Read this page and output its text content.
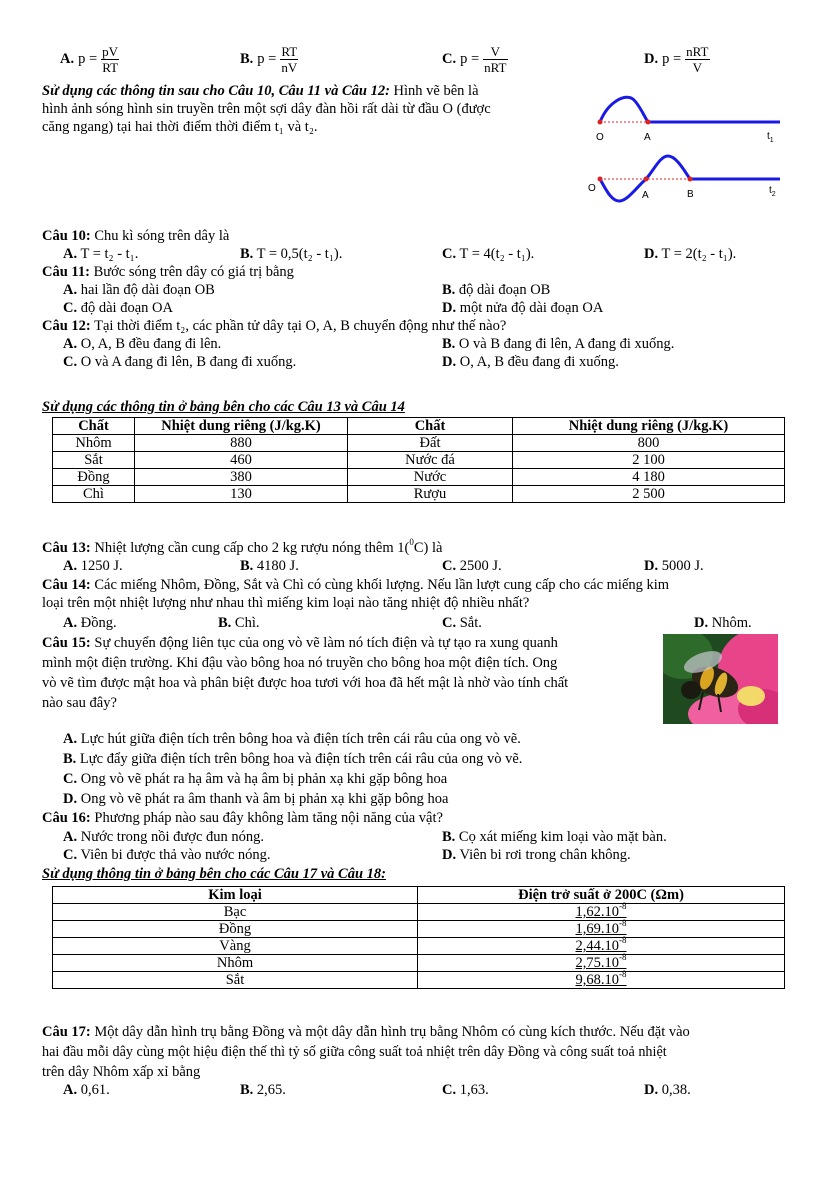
A. $p = \frac{pV}{RT}$	B. $p = \frac{RT}{nV}$	C. $p = \frac{V}{\text{nRT}}$	D. $p = \frac{\text{nRT}}{V}$
Sử dụng các thông tin sau cho Câu 10, Câu 11 và Câu 12: Hình vẽ bên là
hình ảnh sóng hình sin truyền trên một sợi dây đàn hồi rất dài từ đầu O (được
căng ngang) tại hai thời điểm thời điểm t₁ và t₂.
O	A	$t_1$
O
A	B	$t_2$
Câu 10: Chu kì sóng trên dây là
A. T = t₂ - t₁.	B. T = 0,5(t₂ - t₁).	C. T = 4(t₂ - t₁).	D. T = 2(t₂ - t₁).
Câu 11: Bước sóng trên dây có giá trị bằng
A. hai lần độ dài đoạn OB	B. độ dài đoạn OB
C. độ dài đoạn OA	D. một nửa độ dài đoạn OA
Câu 12: Tại thời điểm t₂, các phần tử dây tại O, A, B chuyển động như thế nào?
A. O, A, B đều đang đi lên.	B. O và B đang đi lên, A đang đi xuống.
C. O và A đang đi lên, B đang đi xuống.	D. O, A, B đều đang đi xuống.
Sử dụng các thông tin ở bảng bên cho các Câu 13 và Câu 14
Chất	Nhiệt dung riêng (J/kg.K)	Chất	Nhiệt dung riêng (J/kg.K)
Nhôm	880	Đất	800
Sắt	460	Nước đá	2 100
Đồng	380	Nước	4 180
Chì	130	Rượu	2 500
Câu 13: Nhiệt lượng cần cung cấp cho 2 kg rượu nóng thêm 1($^0$C) là
A. 1250 J.	B. 4180 J.	C. 2500 J.	D. 5000 J.
Câu 14: Các miếng Nhôm, Đồng, Sắt và Chì có cùng khối lượng. Nếu lần lượt cung cấp cho các miếng kim
loại trên một nhiệt lượng như nhau thì miếng kim loại nào tăng nhiệt độ nhiều nhất?
A. Đồng.	B. Chì.	C. Sắt.	D. Nhôm.
Câu 15: Sự chuyển động liên tục của ong vò vẽ làm nó tích điện và tự tạo ra xung quanh
mình một điện trường. Khi đậu vào bông hoa nó truyền cho bông hoa một điện tích. Ong
vò vẽ tìm được mật hoa và phân biệt được hoa tươi với hoa đã hết mật là nhờ vào tính chất
nào sau đây?
A. Lực hút giữa điện tích trên bông hoa và điện tích trên cái râu của ong vò vẽ.
B. Lực đẩy giữa điện tích trên bông hoa và điện tích trên cái râu của ong vò vẽ.
C. Ong vò vẽ phát ra hạ âm và hạ âm bị phản xạ khi gặp bông hoa
D. Ong vò vẽ phát ra âm thanh và âm bị phản xạ khi gặp bông hoa
Câu 16: Phương pháp nào sau đây không làm tăng nội năng của vật?
A. Nước trong nồi được đun nóng.	B. Cọ xát miếng kim loại vào mặt bàn.
C. Viên bi được thả vào nước nóng.	D. Viên bi rơi trong chân không.
Sử dụng thông tin ở bảng bên cho các Câu 17 và Câu 18:
Kim loại	Điện trở suất ở 200C (Ωm)
Bạc	$1,62.10^{-8}$
Đồng	$1,69.10^{-8}$
Vàng	$2,44.10^{-8}$
Nhôm	$2,75.10^{-8}$
Sắt	$9,68.10^{-8}$
Câu 17: Một dây dẫn hình trụ bằng Đồng và một dây dẫn hình trụ bằng Nhôm có cùng kích thước. Nếu đặt vào
hai đầu mỗi dây cùng một hiệu điện thế thì tỷ số giữa công suất toả nhiệt trên dây Đồng và công suất toả nhiệt
trên dây Nhôm xấp xỉ bằng
A. 0,61.	B. 2,65.	C. 1,63.	D. 0,38.
